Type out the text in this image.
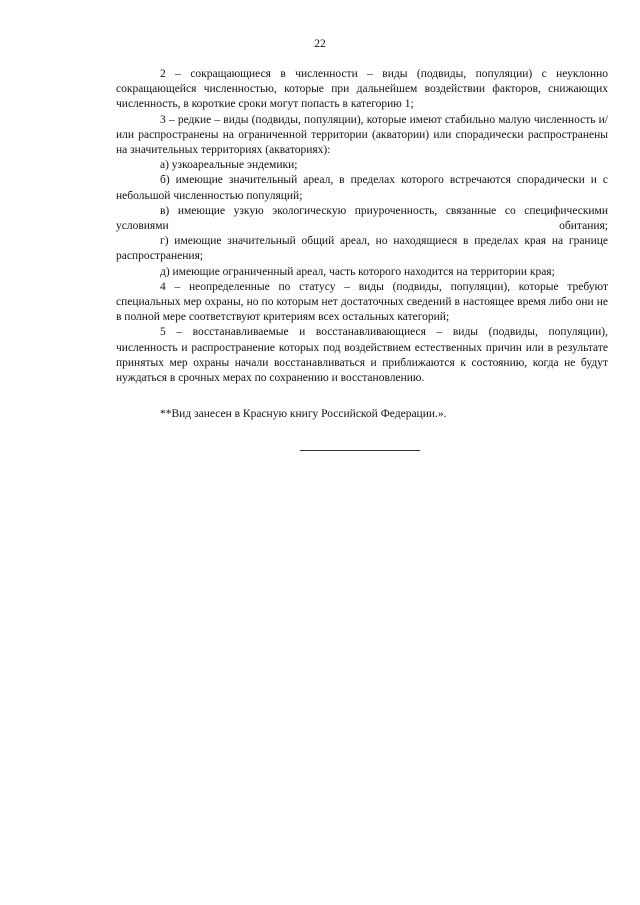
22

2 – сокращающиеся в численности – виды (подвиды, популяции) с неуклонно сокращающейся численностью, которые при дальнейшем воздействии факторов, снижающих численность, в короткие сроки могут попасть в категорию 1;

3 – редкие – виды (подвиды, популяции), которые имеют стабильно малую численность и/или распространены на ограниченной территории (акватории) или спорадически распространены на значительных территориях (акваториях):

а) узкоареальные эндемики;

б) имеющие значительный ареал, в пределах которого встречаются спорадически и с небольшой численностью популяций;

в) имеющие узкую экологическую приуроченность, связанные со специфическими условиями обитания;

г) имеющие значительный общий ареал, но находящиеся в пределах края на границе распространения;

д) имеющие ограниченный ареал, часть которого находится на территории края;

4 – неопределенные по статусу – виды (подвиды, популяции), которые требуют специальных мер охраны, но по которым нет достаточных сведений в настоящее время либо они не в полной мере соответствуют критериям всех остальных категорий;

5 – восстанавливаемые и восстанавливающиеся – виды (подвиды, популяции), численность и распространение которых под воздействием естественных причин или в результате принятых мер охраны начали восстанавливаться и приближаются к состоянию, когда не будут нуждаться в срочных мерах по сохранению и восстановлению.

**Вид занесен в Красную книгу Российской Федерации.».
